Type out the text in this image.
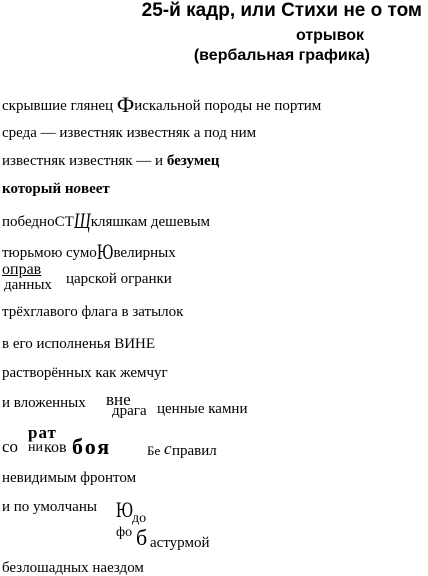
25-й кадр, или Стихи не о том
отрывок
(вербальная графика)
скрывшие глянец Фискальной породы не портим
среда — известняк известняк а под ним
известняк известняк — и безумец
который новеет
победноСТЩкляшкам дешевым
тюрьмою сумоЮвелирных
оправ
данных царской огранки
трёхглавого флага в затылок
в его исполненья ВИНЕ
растворённых как жемчуг
и вложенных вне
драга ценные камни
со
рат
ни ков боя	Бе с правил
невидимым фронтом
и по умолчаны Ю до
фо б астурмой
безлошадных наездом
